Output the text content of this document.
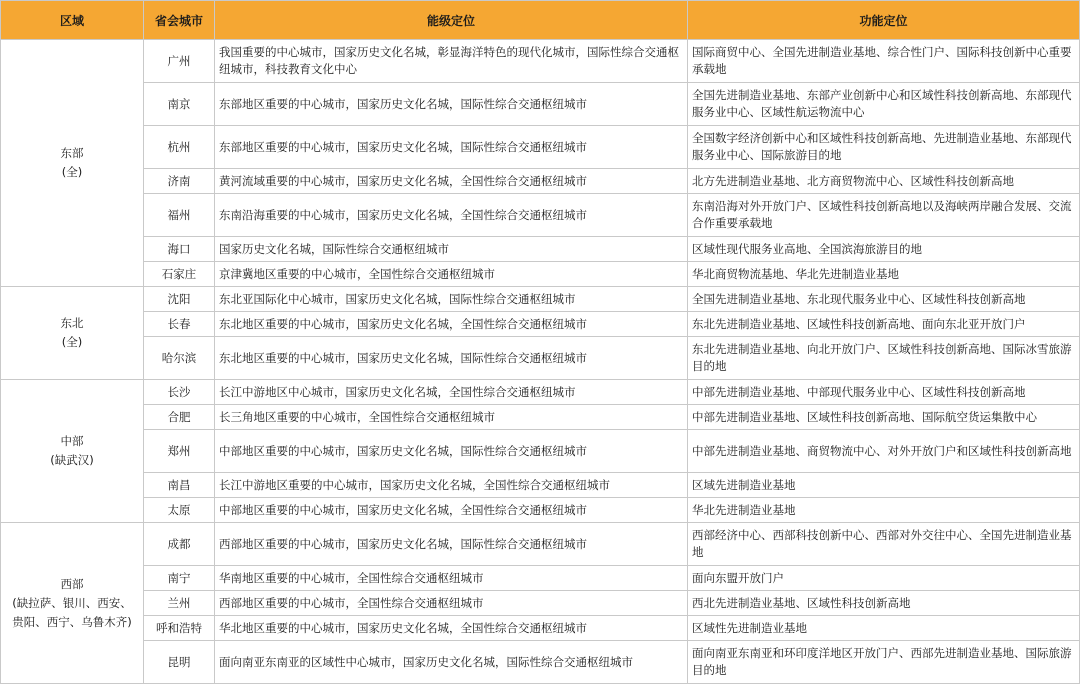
区域	省会城市	能级定位	功能定位
东部
(全)	广州	我国重要的中心城市，国家历史文化名城，彰显海洋特色的现代化城市，国际性综合交通枢纽城市，科技教育文化中心	国际商贸中心、全国先进制造业基地、综合性门户、国际科技创新中心重要承载地
	南京	东部地区重要的中心城市，国家历史文化名城，国际性综合交通枢纽城市	全国先进制造业基地、东部产业创新中心和区域性科技创新高地、东部现代服务业中心、区域性航运物流中心
	杭州	东部地区重要的中心城市，国家历史文化名城，国际性综合交通枢纽城市	全国数字经济创新中心和区域性科技创新高地、先进制造业基地、东部现代服务业中心、国际旅游目的地
	济南	黄河流域重要的中心城市，国家历史文化名城，全国性综合交通枢纽城市	北方先进制造业基地、北方商贸物流中心、区域性科技创新高地
	福州	东南沿海重要的中心城市，国家历史文化名城，全国性综合交通枢纽城市	东南沿海对外开放门户、区域性科技创新高地以及海峡两岸融合发展、交流合作重要承载地
	海口	国家历史文化名城，国际性综合交通枢纽城市	区域性现代服务业高地、全国滨海旅游目的地
	石家庄	京津冀地区重要的中心城市，全国性综合交通枢纽城市	华北商贸物流基地、华北先进制造业基地
东北
(全)	沈阳	东北亚国际化中心城市，国家历史文化名城，国际性综合交通枢纽城市	全国先进制造业基地、东北现代服务业中心、区域性科技创新高地
	长春	东北地区重要的中心城市，国家历史文化名城，全国性综合交通枢纽城市	东北先进制造业基地、区域性科技创新高地、面向东北亚开放门户
	哈尔滨	东北地区重要的中心城市，国家历史文化名城，国际性综合交通枢纽城市	东北先进制造业基地、向北开放门户、区域性科技创新高地、国际冰雪旅游目的地
中部
(缺武汉)	长沙	长江中游地区中心城市，国家历史文化名城，全国性综合交通枢纽城市	中部先进制造业基地、中部现代服务业中心、区域性科技创新高地
	合肥	长三角地区重要的中心城市，全国性综合交通枢纽城市	中部先进制造业基地、区域性科技创新高地、国际航空货运集散中心
	郑州	中部地区重要的中心城市，国家历史文化名城，国际性综合交通枢纽城市	中部先进制造业基地、商贸物流中心、对外开放门户和区域性科技创新高地
	南昌	长江中游地区重要的中心城市，国家历史文化名城，全国性综合交通枢纽城市	区域先进制造业基地
	太原	中部地区重要的中心城市，国家历史文化名城，全国性综合交通枢纽城市	华北先进制造业基地
西部
(缺拉萨、银川、西安、
贵阳、西宁、乌鲁木齐)	成都	西部地区重要的中心城市，国家历史文化名城，国际性综合交通枢纽城市	西部经济中心、西部科技创新中心、西部对外交往中心、全国先进制造业基地
	南宁	华南地区重要的中心城市，全国性综合交通枢纽城市	面向东盟开放门户
	兰州	西部地区重要的中心城市，全国性综合交通枢纽城市	西北先进制造业基地、区域性科技创新高地
	呼和浩特	华北地区重要的中心城市，国家历史文化名城，全国性综合交通枢纽城市	区域性先进制造业基地
	昆明	面向南亚东南亚的区域性中心城市，国家历史文化名城，国际性综合交通枢纽城市	面向南亚东南亚和环印度洋地区开放门户、西部先进制造业基地、国际旅游目的地
